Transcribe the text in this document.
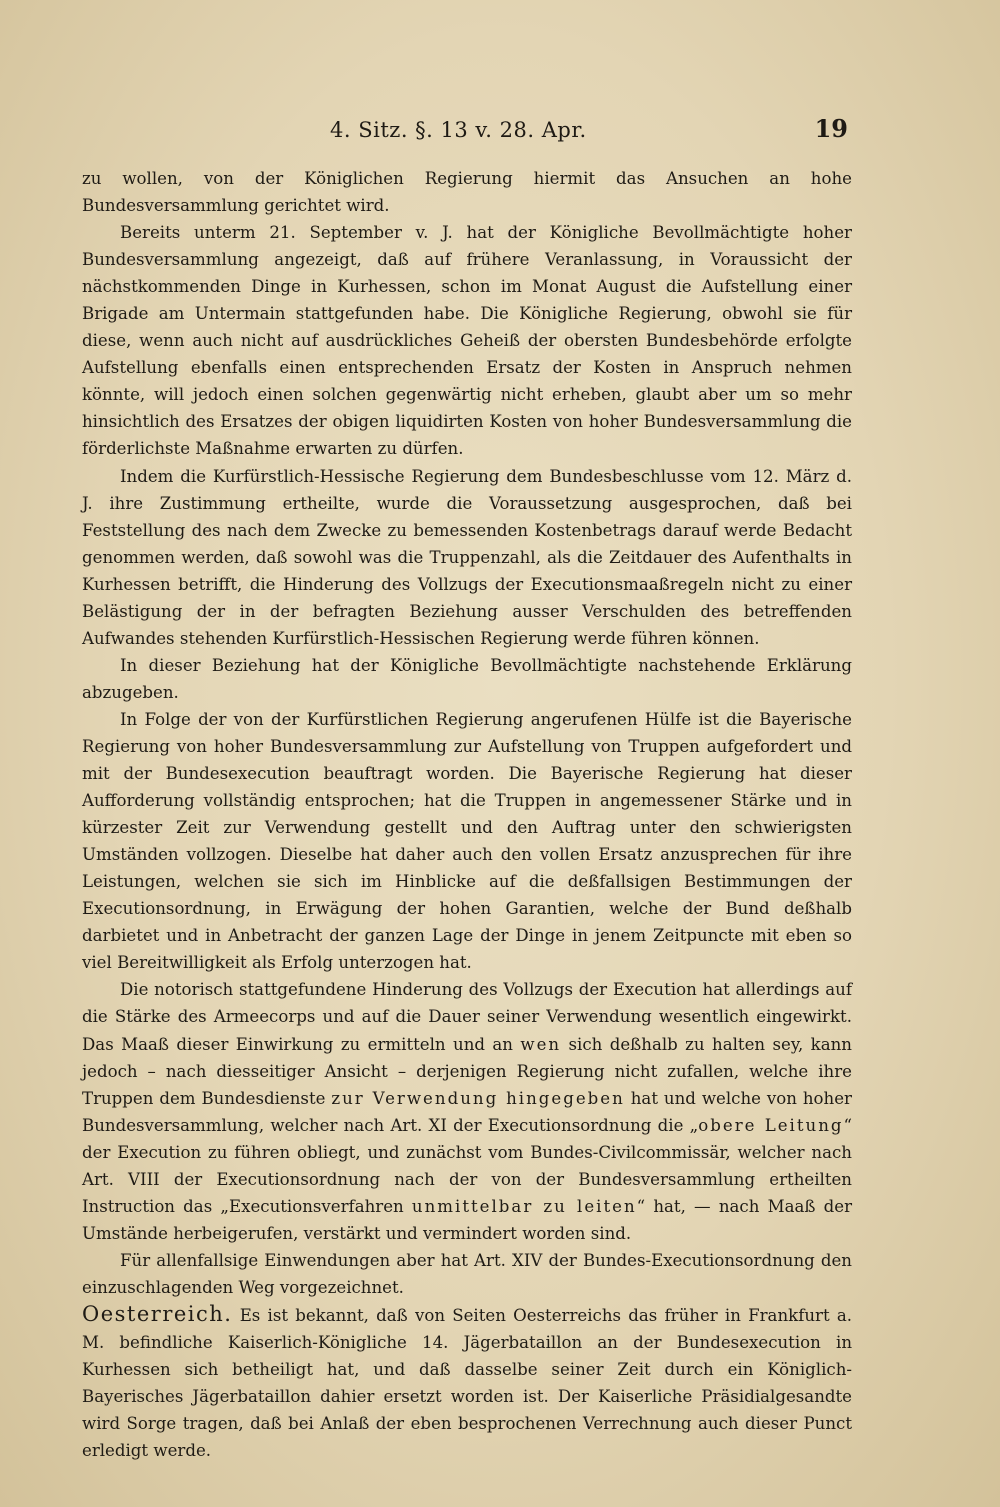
4. Sitz. §. 13 v. 28. Apr.	19

zu wollen, von der Königlichen Regierung hiermit das Ansuchen an hohe Bundesversammlung gerichtet wird.

Bereits unterm 21. September v. J. hat der Königliche Bevollmächtigte hoher Bundesversammlung angezeigt, daß auf frühere Veranlassung, in Voraussicht der nächstkommenden Dinge in Kurhessen, schon im Monat August die Aufstellung einer Brigade am Untermain stattgefunden habe. Die Königliche Regierung, obwohl sie für diese, wenn auch nicht auf ausdrückliches Geheiß der obersten Bundesbehörde erfolgte Aufstellung ebenfalls einen entsprechenden Ersatz der Kosten in Anspruch nehmen könnte, will jedoch einen solchen gegenwärtig nicht erheben, glaubt aber um so mehr hinsichtlich des Ersatzes der obigen liquidirten Kosten von hoher Bundesversammlung die förderlichste Maßnahme erwarten zu dürfen.

Indem die Kurfürstlich-Hessische Regierung dem Bundesbeschlusse vom 12. März d. J. ihre Zustimmung ertheilte, wurde die Voraussetzung ausgesprochen, daß bei Feststellung des nach dem Zwecke zu bemessenden Kostenbetrags darauf werde Bedacht genommen werden, daß sowohl was die Truppenzahl, als die Zeitdauer des Aufenthalts in Kurhessen betrifft, die Hinderung des Vollzugs der Executionsmaaßregeln nicht zu einer Belästigung der in der befragten Beziehung ausser Verschulden des betreffenden Aufwandes stehenden Kurfürstlich-Hessischen Regierung werde führen können.

In dieser Beziehung hat der Königliche Bevollmächtigte nachstehende Erklärung abzugeben.

In Folge der von der Kurfürstlichen Regierung angerufenen Hülfe ist die Bayerische Regierung von hoher Bundesversammlung zur Aufstellung von Truppen aufgefordert und mit der Bundesexecution beauftragt worden. Die Bayerische Regierung hat dieser Aufforderung vollständig entsprochen; hat die Truppen in angemessener Stärke und in kürzester Zeit zur Verwendung gestellt und den Auftrag unter den schwierigsten Umständen vollzogen. Dieselbe hat daher auch den vollen Ersatz anzusprechen für ihre Leistungen, welchen sie sich im Hinblicke auf die deßfallsigen Bestimmungen der Executionsordnung, in Erwägung der hohen Garantien, welche der Bund deßhalb darbietet und in Anbetracht der ganzen Lage der Dinge in jenem Zeitpuncte mit eben so viel Bereitwilligkeit als Erfolg unterzogen hat.

Die notorisch stattgefundene Hinderung des Vollzugs der Execution hat allerdings auf die Stärke des Armeecorps und auf die Dauer seiner Verwendung wesentlich eingewirkt. Das Maaß dieser Einwirkung zu ermitteln und an wen sich deßhalb zu halten sey, kann jedoch – nach diesseitiger Ansicht – derjenigen Regierung nicht zufallen, welche ihre Truppen dem Bundesdienste zur Verwendung hingegeben hat und welche von hoher Bundesversammlung, welcher nach Art. XI der Executionsordnung die „obere Leitung“ der Execution zu führen obliegt, und zunächst vom Bundes-Civilcommissär, welcher nach Art. VIII der Executionsordnung nach der von der Bundesversammlung ertheilten Instruction das „Executionsverfahren unmittelbar zu leiten“ hat, — nach Maaß der Umstände herbeigerufen, verstärkt und vermindert worden sind.

Für allenfallsige Einwendungen aber hat Art. XIV der Bundes-Executionsordnung den einzuschlagenden Weg vorgezeichnet.

Oesterreich. Es ist bekannt, daß von Seiten Oesterreichs das früher in Frankfurt a. M. befindliche Kaiserlich-Königliche 14. Jägerbataillon an der Bundesexecution in Kurhessen sich betheiligt hat, und daß dasselbe seiner Zeit durch ein Königlich-Bayerisches Jägerbataillon dahier ersetzt worden ist. Der Kaiserliche Präsidialgesandte wird Sorge tragen, daß bei Anlaß der eben besprochenen Verrechnung auch dieser Punct erledigt werde.
